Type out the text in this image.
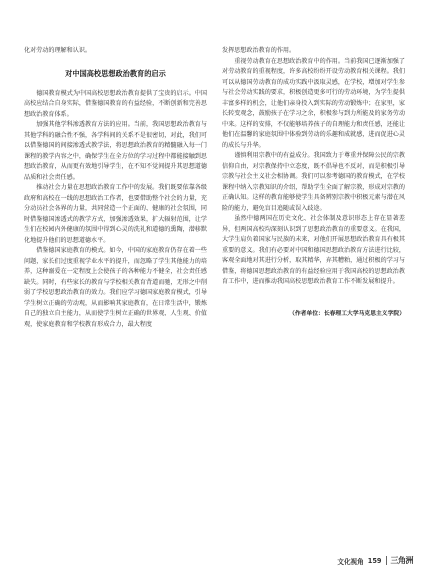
化对劳动的理解和认识。

对中国高校思想政治教育的启示

德国教育模式为中国高校思想政治教育提供了宝贵的启示。中国高校应结合自身实际，借鉴德国教育的有益经验，不断创新和完善思想政治教育体系。

加强其他学科渗透教育方法的应用。当前，我国思想政治教育与其他学科的融合性不强，各学科间的关系不是很密切，对此，我们可以借鉴德国的间接渗透式教学法，将思想政治教育的精髓融入每一门课程的教学内容之中，确保学生在全方位的学习过程中都能接触到思想政治教育，从而更有效地引导学生，在不知不觉间提升其思想道德品质和社会责任感。

推动社会力量在思想政治教育工作中的发展。我们既要依靠各级政府和高校在一线的思想政治工作者，也要借助整个社会的力量，充分动员社会各界的力量，共同营造一个正面的、健康的社会氛围，同时借鉴德国渗透式的教学方式，加强渗透效果，扩大辐射范围，让学生们在校园内外健康的氛围中得到心灵的洗礼和道德的熏陶，潜移默化地提升他们的思想道德水平。

借鉴德国家庭教育的模式。如今，中国的家庭教育仍存在着一些问题，家长们过度重视学业水平的提升，而忽略了学生其他能力的培养，这种溺爱在一定程度上会使孩子的各种能力不健全，社会责任感缺失。同时，有些家长的教育与学校相关教育背道而驰，无形之中削弱了学校思想政治教育的效力。我们应学习德国家庭教育模式，引导学生树立正确的劳动观，从而影响其家庭教育，在日常生活中，锻炼自己的独立自主能力，从而使学生树立正确的世界观、人生观、价值观，使家庭教育和学校教育形成合力，最大程度

发挥思想政治教育的作用。

重视劳动教育在思想政治教育中的作用。当前我国已逐渐加强了对劳动教育的重视程度，许多高校纷纷开设劳动教育相关课程。我们可以从德国劳动教育的成功实践中汲取灵感，在学校，增加对学生参与社会劳动实践的要求，积极创造更多可行的劳动环境，为学生提供丰富多样的机会，让他们亲身投入到实际的劳动锻炼中；在家里，家长转变观念，鼓励孩子在学习之余，积极参与到力所能及的家务劳动中来。这样的安排，不仅能够培养孩子的自理能力和责任感，还能让他们在温馨的家庭氛围中体验到劳动的乐趣和成就感，进而促进心灵的成长与升华。

谨慎利用宗教中的有益成分。我国致力于尊重并保障公民的宗教信仰自由，对宗教保持中立态度，既不倡导也不反对，而是积极引导宗教与社会主义社会相协调。我们可以参考德国的教育模式，在学校课程中纳入宗教知识的介绍，帮助学生全面了解宗教，形成对宗教的正确认知。这样的教育能够使学生具备辨别宗教中积极元素与潜在风险的能力，避免盲目追随或误入歧途。

虽然中德两国在历史文化、社会体制及意识形态上存在显著差异，但两国高校均深刻认识到了思想政治教育的重要意义。在我国，大学生肩负着国家与民族的未来，对他们开展思想政治教育具有极其重要的意义。我们有必要对中国和德国思想政治教育方法进行比较，客观全面地对其进行分析，取其精华，弃其糟粕，通过积极的学习与借鉴，将德国思想政治教育的有益经验应用于我国高校的思想政治教育工作中，进而推动我国高校思想政治教育工作不断发展和提升。

（作者单位：长春理工大学马克思主义学院）
文化视角 159 三角洲
